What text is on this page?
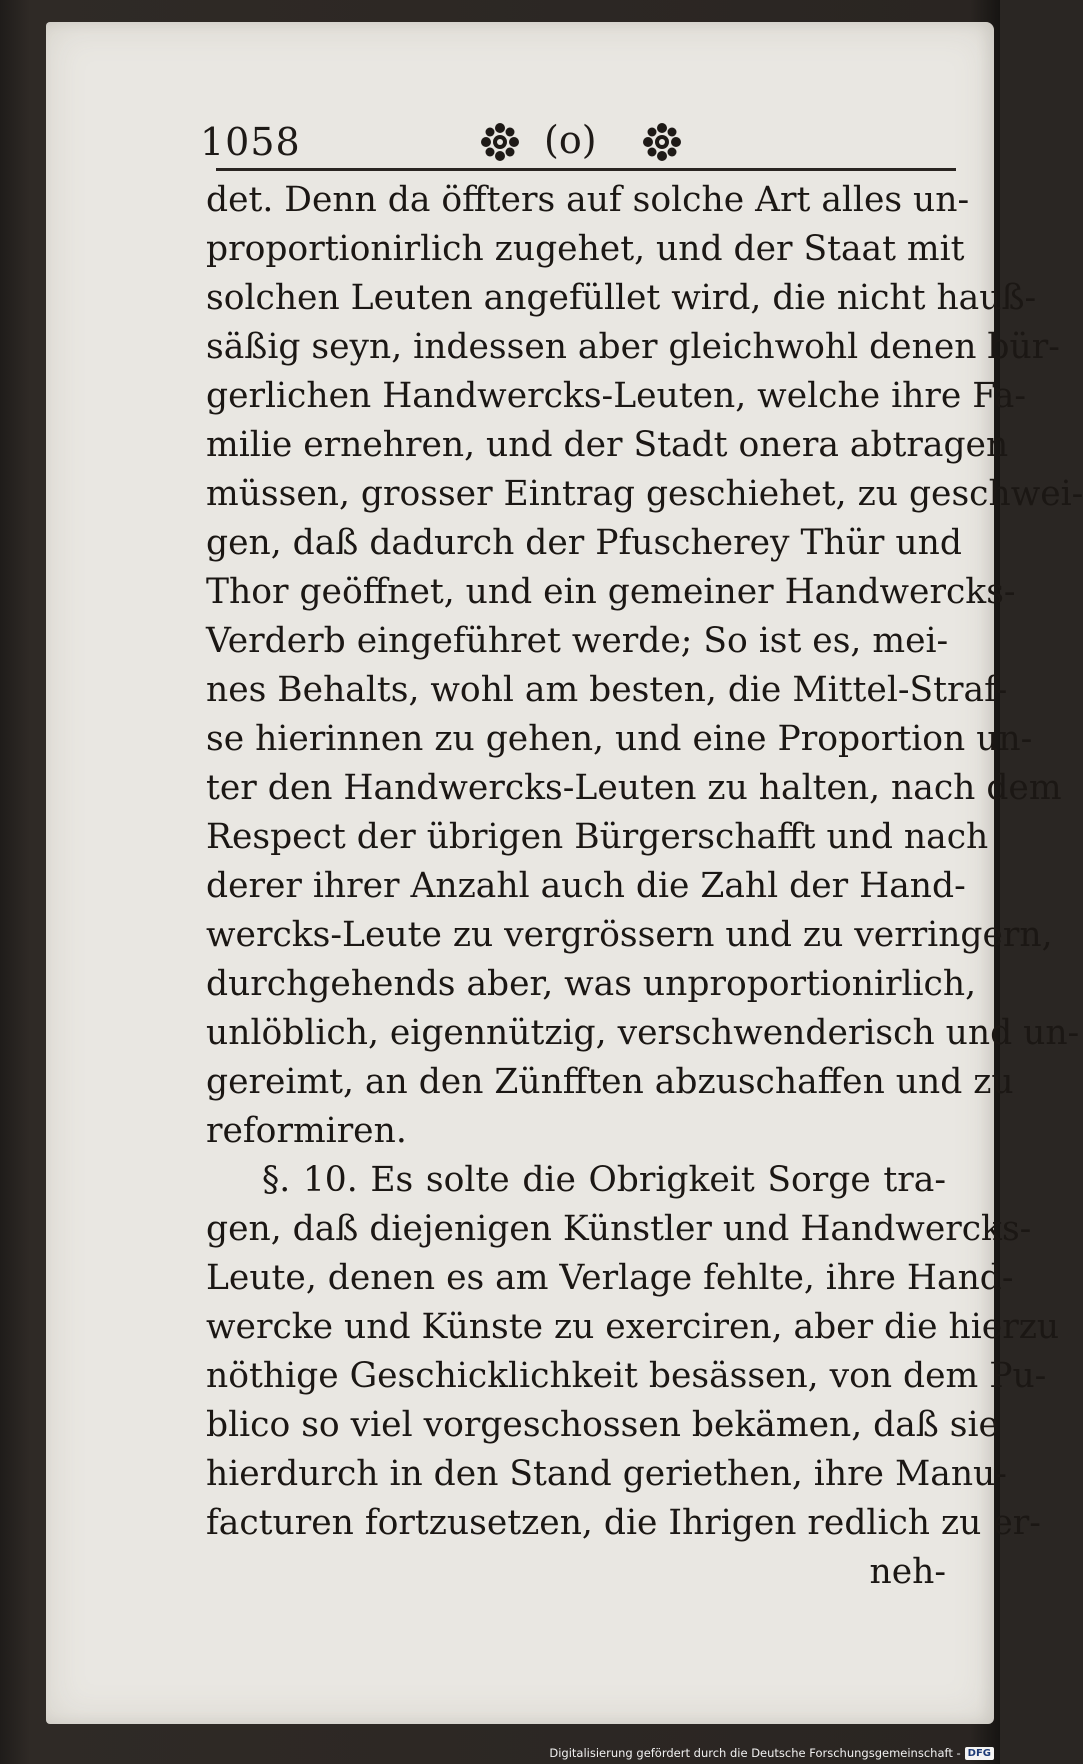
1058	(o)
det. Denn da öffters auf solche Art alles un-
proportionirlich zugehet, und der Staat mit
solchen Leuten angefüllet wird, die nicht hauß-
säßig seyn, indessen aber gleichwohl denen bür-
gerlichen Handwercks-Leuten, welche ihre Fa-
milie ernehren, und der Stadt onera abtragen
müssen, grosser Eintrag geschiehet, zu geschwei-
gen, daß dadurch der Pfuscherey Thür und
Thor geöffnet, und ein gemeiner Handwercks-
Verderb eingeführet werde; So ist es, mei-
nes Behalts, wohl am besten, die Mittel-Straf-
se hierinnen zu gehen, und eine Proportion un-
ter den Handwercks-Leuten zu halten, nach dem
Respect der übrigen Bürgerschafft und nach
derer ihrer Anzahl auch die Zahl der Hand-
wercks-Leute zu vergrössern und zu verringern,
durchgehends aber, was unproportionirlich,
unlöblich, eigennützig, verschwenderisch und un-
gereimt, an den Zünfften abzuschaffen und zu
reformiren.
§. 10. Es solte die Obrigkeit Sorge tra-
gen, daß diejenigen Künstler und Handwercks-
Leute, denen es am Verlage fehlte, ihre Hand-
wercke und Künste zu exerciren, aber die hierzu
nöthige Geschicklichkeit besässen, von dem Pu-
blico so viel vorgeschossen bekämen, daß sie
hierdurch in den Stand geriethen, ihre Manu-
facturen fortzusetzen, die Ihrigen redlich zu er-
neh-
Digitalisierung gefördert durch die Deutsche Forschungsgemeinschaft - DFG
